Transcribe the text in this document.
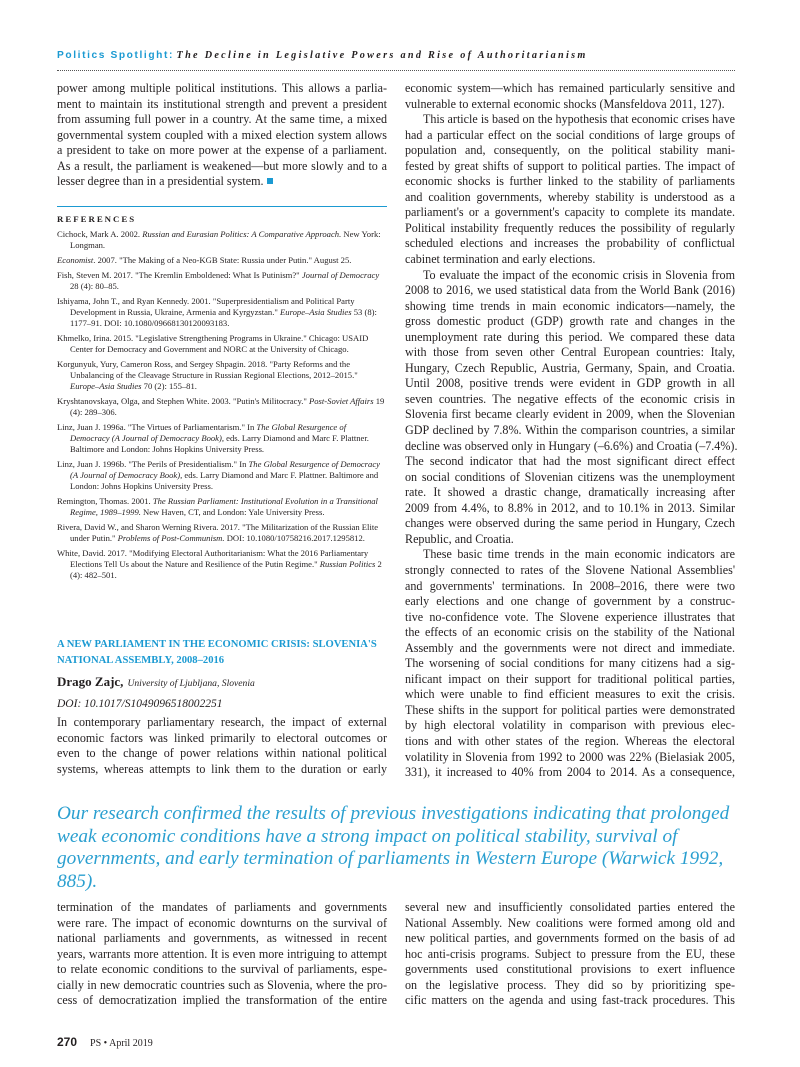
Politics Spotlight: The Decline in Legislative Powers and Rise of Authoritarianism
power among multiple political institutions. This allows a parlia-
ment to maintain its institutional strength and prevent a president
from assuming full power in a country. At the same time, a mixed
governmental system coupled with a mixed election system allows
a president to take on more power at the expense of a parliament.
As a result, the parliament is weakened—but more slowly and to a
lesser degree than in a presidential system.
REFERENCES
Cichock, Mark A. 2002. Russian and Eurasian Politics: A Comparative Approach. New York: Longman.
Economist. 2007. "The Making of a Neo-KGB State: Russia under Putin." August 25.
Fish, Steven M. 2017. "The Kremlin Emboldened: What Is Putinism?" Journal of Democracy 28 (4): 80–85.
Ishiyama, John T., and Ryan Kennedy. 2001. "Superpresidentialism and Political Party Development in Russia, Ukraine, Armenia and Kyrgyzstan." Europe–Asia Studies 53 (8): 1177–91. DOI: 10.1080/09668130120093183.
Khmelko, Irina. 2015. "Legislative Strengthening Programs in Ukraine." Chicago: USAID Center for Democracy and Government and NORC at the University of Chicago.
Korgunyuk, Yury, Cameron Ross, and Sergey Shpagin. 2018. "Party Reforms and the Unbalancing of the Cleavage Structure in Russian Regional Elections, 2012–2015." Europe–Asia Studies 70 (2): 155–81.
Kryshtanovskaya, Olga, and Stephen White. 2003. "Putin's Militocracy." Post-Soviet Affairs 19 (4): 289–306.
Linz, Juan J. 1996a. "The Virtues of Parliamentarism." In The Global Resurgence of Democracy (A Journal of Democracy Book), eds. Larry Diamond and Marc F. Plattner. Baltimore and London: Johns Hopkins University Press.
Linz, Juan J. 1996b. "The Perils of Presidentialism." In The Global Resurgence of Democracy (A Journal of Democracy Book), eds. Larry Diamond and Marc F. Plattner. Baltimore and London: Johns Hopkins University Press.
Remington, Thomas. 2001. The Russian Parliament: Institutional Evolution in a Transitional Regime, 1989–1999. New Haven, CT, and London: Yale University Press.
Rivera, David W., and Sharon Werning Rivera. 2017. "The Militarization of the Russian Elite under Putin." Problems of Post-Communism. DOI: 10.1080/10758216.2017.1295812.
White, David. 2017. "Modifying Electoral Authoritarianism: What the 2016 Parliamentary Elections Tell Us about the Nature and Resilience of the Putin Regime." Russian Politics 2 (4): 482–501.
A NEW PARLIAMENT IN THE ECONOMIC CRISIS: SLOVENIA'S NATIONAL ASSEMBLY, 2008–2016
Drago Zajc, University of Ljubljana, Slovenia
DOI: 10.1017/S1049096518002251
In contemporary parliamentary research, the impact of external
economic factors was linked primarily to electoral outcomes or
even to the change of power relations within national political
systems, whereas attempts to link them to the duration or early
economic system—which has remained particularly sensitive and
vulnerable to external economic shocks (Mansfeldova 2011, 127).
This article is based on the hypothesis that economic crises have
had a particular effect on the social conditions of large groups of
population and, consequently, on the political stability mani-
fested by great shifts of support to political parties. The impact of
economic shocks is further linked to the stability of parliaments
and coalition governments, whereby stability is understood as a
parliament's or a government's capacity to complete its mandate.
Political instability frequently reduces the possibility of regularly
scheduled elections and increases the probability of conflictual
cabinet termination and early elections.
To evaluate the impact of the economic crisis in Slovenia from
2008 to 2016, we used statistical data from the World Bank (2016)
showing time trends in main economic indicators—namely, the
gross domestic product (GDP) growth rate and changes in the
unemployment rate during this period. We compared these data
with those from seven other Central European countries: Italy,
Hungary, Czech Republic, Austria, Germany, Spain, and Croatia.
Until 2008, positive trends were evident in GDP growth in all
seven countries. The negative effects of the economic crisis in
Slovenia first became clearly evident in 2009, when the Slovenian
GDP declined by 7.8%. Within the comparison countries, a similar
decline was observed only in Hungary (–6.6%) and Croatia (–7.4%).
The second indicator that had the most significant direct effect
on social conditions of Slovenian citizens was the unemployment
rate. It showed a drastic change, dramatically increasing after
2009 from 4.4%, to 8.8% in 2012, and to 10.1% in 2013. Similar
changes were observed during the same period in Hungary, Czech
Republic, and Croatia.
These basic time trends in the main economic indicators are
strongly connected to rates of the Slovene National Assemblies'
and governments' terminations. In 2008–2016, there were two
early elections and one change of government by a construc-
tive no-confidence vote. The Slovene experience illustrates that
the effects of an economic crisis on the stability of the National
Assembly and the governments were not direct and immediate.
The worsening of social conditions for many citizens had a sig-
nificant impact on their support for traditional political parties,
which were unable to find efficient measures to exit the crisis.
These shifts in the support for political parties were demonstrated
by high electoral volatility in comparison with previous elec-
tions and with other states of the region. Whereas the electoral
volatility in Slovenia from 1992 to 2000 was 22% (Bielasiak 2005,
331), it increased to 40% from 2004 to 2014. As a consequence,
Our research confirmed the results of previous investigations indicating that prolonged weak economic conditions have a strong impact on political stability, survival of governments, and early termination of parliaments in Western Europe (Warwick 1992, 885).
termination of the mandates of parliaments and governments
were rare. The impact of economic downturns on the survival of
national parliaments and governments, as witnessed in recent
years, warrants more attention. It is even more intriguing to attempt
to relate economic conditions to the survival of parliaments, espe-
cially in new democratic countries such as Slovenia, where the pro-
cess of democratization implied the transformation of the entire
several new and insufficiently consolidated parties entered the
National Assembly. New coalitions were formed among old and
new political parties, and governments formed on the basis of ad
hoc anti-crisis programs. Subject to pressure from the EU, these
governments used constitutional provisions to exert influence
on the legislative process. They did so by prioritizing spe-
cific matters on the agenda and using fast-track procedures. This
270 PS • April 2019
